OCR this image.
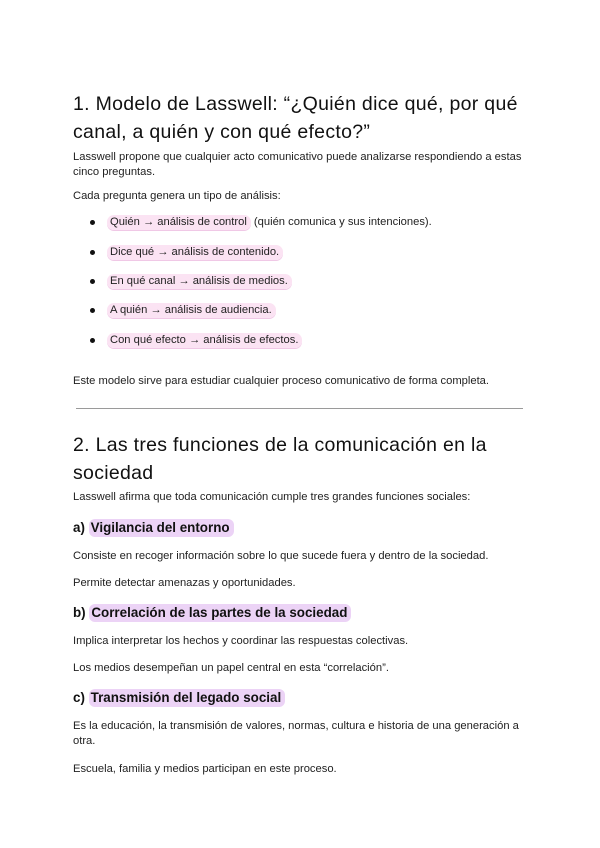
1. Modelo de Lasswell: “¿Quién dice qué, por qué canal, a quién y con qué efecto?”

Lasswell propone que cualquier acto comunicativo puede analizarse respondiendo a estas cinco preguntas.

Cada pregunta genera un tipo de análisis:

Quién → análisis de control (quién comunica y sus intenciones).
Dice qué → análisis de contenido.
En qué canal → análisis de medios.
A quién → análisis de audiencia.
Con qué efecto → análisis de efectos.

Este modelo sirve para estudiar cualquier proceso comunicativo de forma completa.

2. Las tres funciones de la comunicación en la sociedad

Lasswell afirma que toda comunicación cumple tres grandes funciones sociales:

a) Vigilancia del entorno

Consiste en recoger información sobre lo que sucede fuera y dentro de la sociedad.

Permite detectar amenazas y oportunidades.

b) Correlación de las partes de la sociedad

Implica interpretar los hechos y coordinar las respuestas colectivas.

Los medios desempeñan un papel central en esta “correlación”.

c) Transmisión del legado social

Es la educación, la transmisión de valores, normas, cultura e historia de una generación a otra.

Escuela, familia y medios participan en este proceso.
